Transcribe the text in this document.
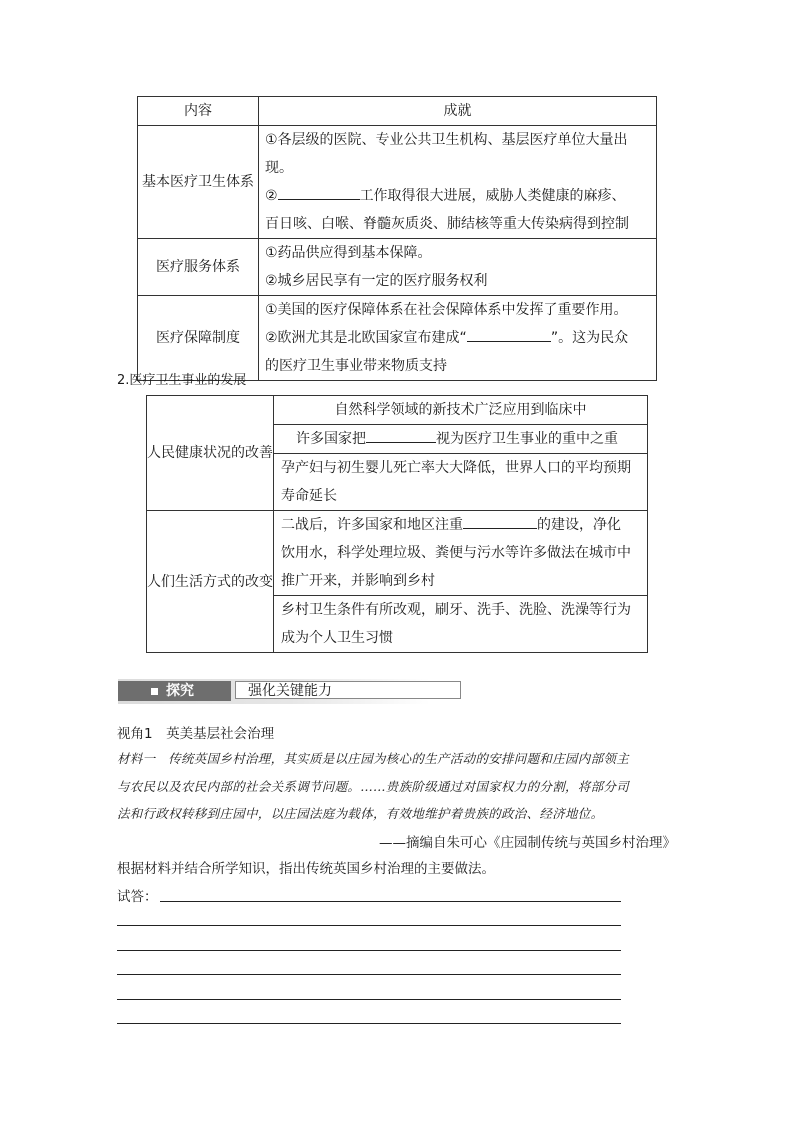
内容	成就
基本医疗卫生体系	①各层级的医院、专业公共卫生机构、基层医疗单位大量出现。
② 工作取得很大进展，威胁人类健康的麻疹、
百日咳、白喉、脊髓灰质炎、肺结核等重大传染病得到控制

医疗服务体系	①药品供应得到基本保障。
②城乡居民享有一定的医疗服务权利

医疗保障制度	①美国的医疗保障体系在社会保障体系中发挥了重要作用。
②欧洲尤其是北欧国家宣布建成“ ”。这为民众
的医疗卫生事业带来物质支持
2.医疗卫生事业的发展
人民健康状况的改善	自然科学领域的新技术广泛应用到临床中
	许多国家把 视为医疗卫生事业的重中之重

	孕产妇与初生婴儿死亡率大大降低，世界人口的平均预期
寿命延长

人们生活方式的改变	二战后，许多国家和地区注重 的建设，净化
饮用水，科学处理垃圾、粪便与污水等许多做法在城市中
推广开来，并影响到乡村

	乡村卫生条件有所改观，刷牙、洗手、洗脸、洗澡等行为
成为个人卫生习惯
探究	强化关键能力
视角1　英美基层社会治理
材料一　传统英国乡村治理，其实质是以庄园为核心的生产活动的安排问题和庄园内部领主
与农民以及农民内部的社会关系调节问题。……贵族阶级通过对国家权力的分割，将部分司
法和行政权转移到庄园中，以庄园法庭为载体，有效地维护着贵族的政治、经济地位。
——摘编自朱可心《庄园制传统与英国乡村治理》
根据材料并结合所学知识，指出传统英国乡村治理的主要做法。
试答：
